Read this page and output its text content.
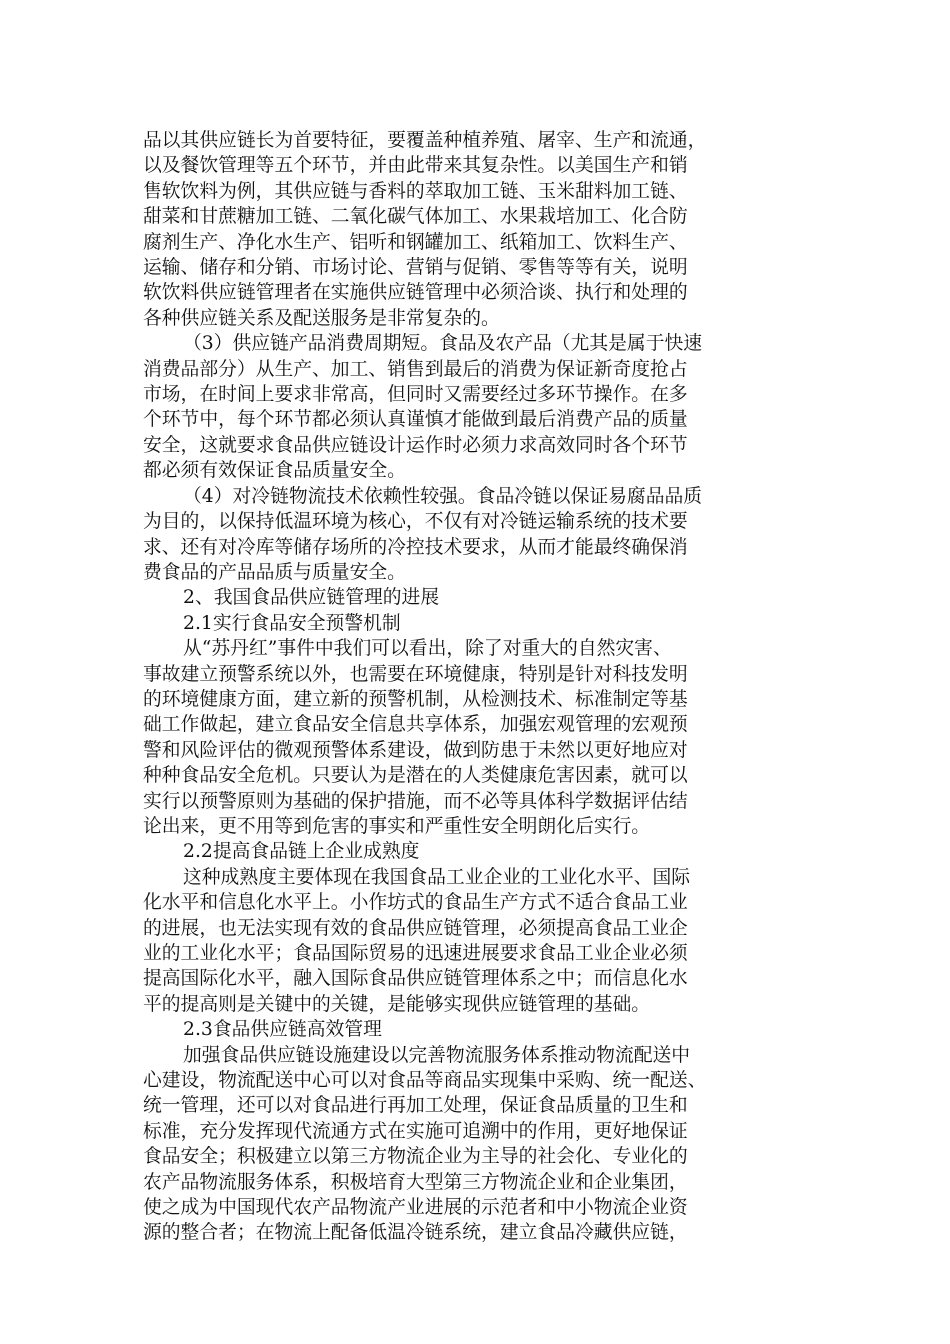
品以其供应链长为首要特征，要覆盖种植养殖、屠宰、生产和流通，
以及餐饮管理等五个环节，并由此带来其复杂性。以美国生产和销
售软饮料为例，其供应链与香料的萃取加工链、玉米甜料加工链、
甜菜和甘蔗糖加工链、二氧化碳气体加工、水果栽培加工、化合防
腐剂生产、净化水生产、铝听和钢罐加工、纸箱加工、饮料生产、
运输、储存和分销、市场讨论、营销与促销、零售等等有关，说明
软饮料供应链管理者在实施供应链管理中必须洽谈、执行和处理的
各种供应链关系及配送服务是非常复杂的。
（3）供应链产品消费周期短。食品及农产品（尤其是属于快速
消费品部分）从生产、加工、销售到最后的消费为保证新奇度抢占
市场，在时间上要求非常高，但同时又需要经过多环节操作。在多
个环节中，每个环节都必须认真谨慎才能做到最后消费产品的质量
安全，这就要求食品供应链设计运作时必须力求高效同时各个环节
都必须有效保证食品质量安全。
（4）对冷链物流技术依赖性较强。食品冷链以保证易腐品品质
为目的，以保持低温环境为核心，不仅有对冷链运输系统的技术要
求、还有对冷库等储存场所的冷控技术要求，从而才能最终确保消
费食品的产品品质与质量安全。
2、我国食品供应链管理的进展
2.1实行食品安全预警机制
从“苏丹红”事件中我们可以看出，除了对重大的自然灾害、
事故建立预警系统以外，也需要在环境健康，特别是针对科技发明
的环境健康方面，建立新的预警机制，从检测技术、标准制定等基
础工作做起，建立食品安全信息共享体系，加强宏观管理的宏观预
警和风险评估的微观预警体系建设，做到防患于未然以更好地应对
种种食品安全危机。只要认为是潜在的人类健康危害因素，就可以
实行以预警原则为基础的保护措施，而不必等具体科学数据评估结
论出来，更不用等到危害的事实和严重性安全明朗化后实行。
2.2提高食品链上企业成熟度
这种成熟度主要体现在我国食品工业企业的工业化水平、国际
化水平和信息化水平上。小作坊式的食品生产方式不适合食品工业
的进展，也无法实现有效的食品供应链管理，必须提高食品工业企
业的工业化水平；食品国际贸易的迅速进展要求食品工业企业必须
提高国际化水平，融入国际食品供应链管理体系之中；而信息化水
平的提高则是关键中的关键，是能够实现供应链管理的基础。
2.3食品供应链高效管理
加强食品供应链设施建设以完善物流服务体系推动物流配送中
心建设，物流配送中心可以对食品等商品实现集中采购、统一配送、
统一管理，还可以对食品进行再加工处理，保证食品质量的卫生和
标准，充分发挥现代流通方式在实施可追溯中的作用，更好地保证
食品安全；积极建立以第三方物流企业为主导的社会化、专业化的
农产品物流服务体系，积极培育大型第三方物流企业和企业集团，
使之成为中国现代农产品物流产业进展的示范者和中小物流企业资
源的整合者；在物流上配备低温冷链系统，建立食品冷藏供应链，
